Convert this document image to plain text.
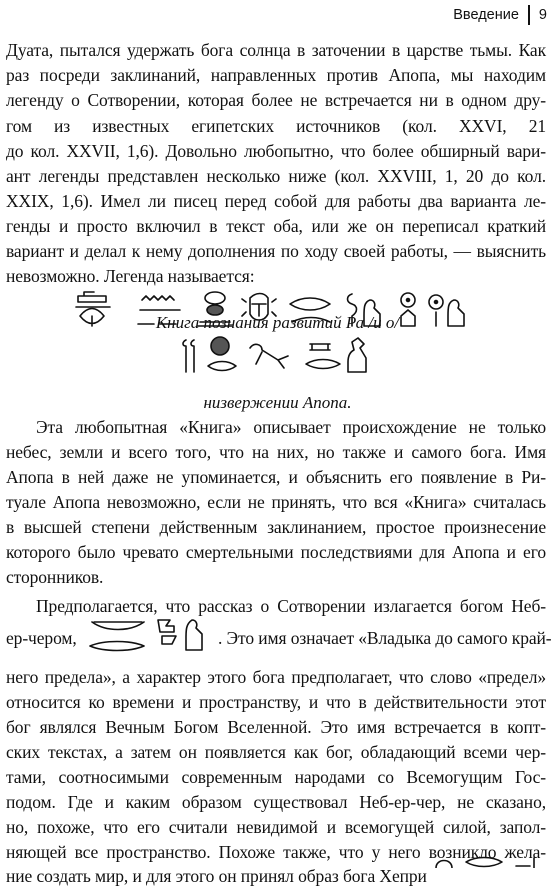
Введение 9
Дуата, пытался удержать бога солнца в заточении в царстве тьмы. Как
раз посреди заклинаний, направленных против Апопа, мы находим
легенду о Сотворении, которая более не встречается ни в одном дру-
гом из известных египетских источников (кол. XXVI, 21
до кол. XXVII, 1,6). Довольно любопытно, что более обширный вари-
ант легенды представлен несколько ниже (кол. XXVIII, 1, 20 до кол.
XXIX, 1,6). Имел ли писец перед собой для работы два варианта ле-
генды и просто включил в текст оба, или же он переписал краткий
вариант и делал к нему дополнения по ходу своей работы, — выяснить
невозможно. Легенда называется:
Книга познания развитий Ра /и о/
низвержении Апопа.
Эта любопытная «Книга» описывает происхождение не только
небес, земли и всего того, что на них, но также и самого бога. Имя
Апопа в ней даже не упоминается, и объяснить его появление в Ри-
туале Апопа невозможно, если не принять, что вся «Книга» считалась
в высшей степени действенным заклинанием, простое произнесение
которого было чревато смертельными последствиями для Апопа и его
сторонников.
Предполагается, что рассказ о Сотворении излагается богом Неб-
ер-чером,	. Это имя означает «Владыка до самого край-
него предела», а характер этого бога предполагает, что слово «предел»
относится ко времени и пространству, и что в действительности этот
бог являлся Вечным Богом Вселенной. Это имя встречается в копт-
ских текстах, а затем он появляется как бог, обладающий всеми чер-
тами, соотносимыми современным народами со Всемогущим Гос-
подом. Где и каким образом существовал Неб-ер-чер, не сказано,
но, похоже, что его считали невидимой и всемогущей силой, запол-
няющей все пространство. Похоже также, что у него возникло жела-
ние создать мир, и для этого он принял образ бога Хепри
